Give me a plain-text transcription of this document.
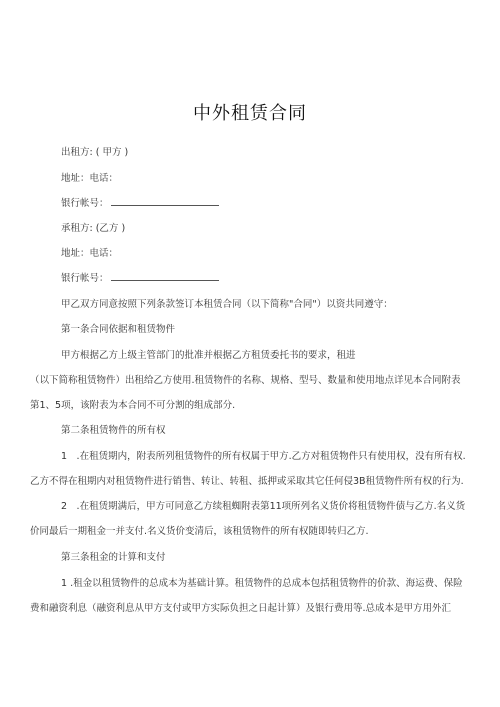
中外租赁合同
出租方: ( 甲方 )
地址：电话：
银行帐号：
承租方: (乙方 )
地址：电话：
银行帐号：
甲乙双方同意按照下列条款签订本租赁合同（以下简称"合同"）以资共同遵守：
第一条合同依据和租赁物件
甲方根据乙方上级主管部门的批准并根据乙方租赁委托书的要求，租进
（以下简称租赁物件）出租给乙方使用.租赁物件的名称、规格、型号、数量和使用地点详见本合同附表
第1、5项，该附表为本合同不可分割的组成部分.
第二条租赁物件的所有权
1　.在租赁期内，附表所列租赁物件的所有权属于甲方.乙方对租赁物件只有使用权，没有所有权.
乙方不得在租期内对租赁物件进行销售、转让、转租、抵押或采取其它任何侵3B租赁物件所有权的行为.
2　.在租赁期满后，甲方可同意乙方续租蜘附表第11项所列名义货价将租赁物件债与乙方.名义货
价同最后一期租金一并支付.名义货价变清后，该租赁物件的所有权随即转归乙方.
第三条租金的计算和支付
1 .租金以租赁物件的总成本为基础计算。租赁物件的总成本包括租赁物件的价款、海运费、保险
费和融资利息（融资利息从甲方支付或甲方实际负担之日起计算）及银行费用等.总成本是甲方用外汇
